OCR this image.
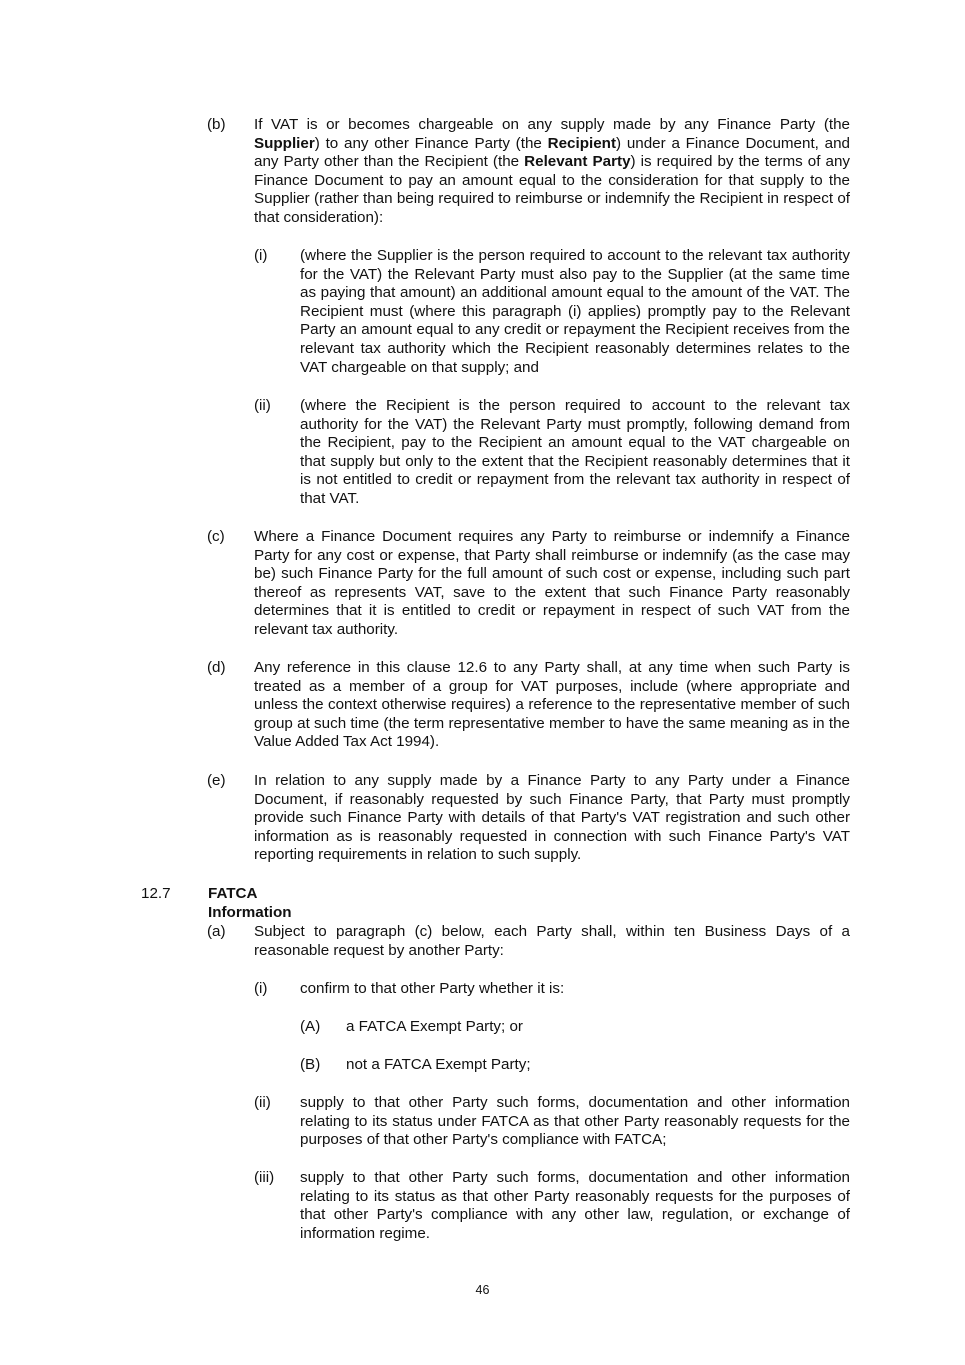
(b) If VAT is or becomes chargeable on any supply made by any Finance Party (the Supplier) to any other Finance Party (the Recipient) under a Finance Document, and any Party other than the Recipient (the Relevant Party) is required by the terms of any Finance Document to pay an amount equal to the consideration for that supply to the Supplier (rather than being required to reimburse or indemnify the Recipient in respect of that consideration):
(i) (where the Supplier is the person required to account to the relevant tax authority for the VAT) the Relevant Party must also pay to the Supplier (at the same time as paying that amount) an additional amount equal to the amount of the VAT. The Recipient must (where this paragraph (i) applies) promptly pay to the Relevant Party an amount equal to any credit or repayment the Recipient receives from the relevant tax authority which the Recipient reasonably determines relates to the VAT chargeable on that supply; and
(ii) (where the Recipient is the person required to account to the relevant tax authority for the VAT) the Relevant Party must promptly, following demand from the Recipient, pay to the Recipient an amount equal to the VAT chargeable on that supply but only to the extent that the Recipient reasonably determines that it is not entitled to credit or repayment from the relevant tax authority in respect of that VAT.
(c) Where a Finance Document requires any Party to reimburse or indemnify a Finance Party for any cost or expense, that Party shall reimburse or indemnify (as the case may be) such Finance Party for the full amount of such cost or expense, including such part thereof as represents VAT, save to the extent that such Finance Party reasonably determines that it is entitled to credit or repayment in respect of such VAT from the relevant tax authority.
(d) Any reference in this clause 12.6 to any Party shall, at any time when such Party is treated as a member of a group for VAT purposes, include (where appropriate and unless the context otherwise requires) a reference to the representative member of such group at such time (the term representative member to have the same meaning as in the Value Added Tax Act 1994).
(e) In relation to any supply made by a Finance Party to any Party under a Finance Document, if reasonably requested by such Finance Party, that Party must promptly provide such Finance Party with details of that Party's VAT registration and such other information as is reasonably requested in connection with such Finance Party's VAT reporting requirements in relation to such supply.
12.7 FATCA Information
(a) Subject to paragraph (c) below, each Party shall, within ten Business Days of a reasonable request by another Party:
(i) confirm to that other Party whether it is:
(A) a FATCA Exempt Party; or
(B) not a FATCA Exempt Party;
(ii) supply to that other Party such forms, documentation and other information relating to its status under FATCA as that other Party reasonably requests for the purposes of that other Party's compliance with FATCA;
(iii) supply to that other Party such forms, documentation and other information relating to its status as that other Party reasonably requests for the purposes of that other Party's compliance with any other law, regulation, or exchange of information regime.
46
